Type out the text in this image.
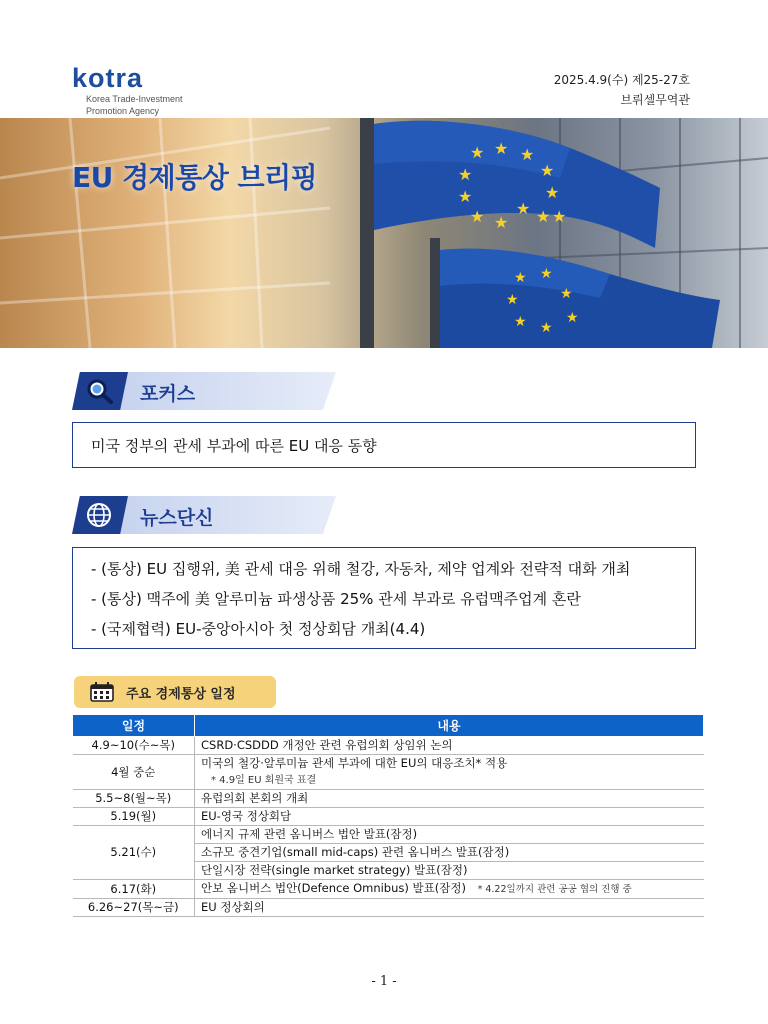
kotra
Korea Trade-Investment
Promotion Agency
2025.4.9(수) 제25-27호
브뤼셀무역관
★ ★ ★
★	★
★	★
★	★
★
★ ★
★ ★
★	★
★ ★
★
EU 경제통상 브리핑
포커스
미국 정부의 관세 부과에 따른 EU 대응 동향
뉴스단신
- (통상) EU 집행위, 美 관세 대응 위해 철강, 자동차, 제약 업계와 전략적 대화 개최
- (통상) 맥주에 美 알루미늄 파생상품 25% 관세 부과로 유럽맥주업계 혼란
- (국제협력) EU-중앙아시아 첫 정상회담 개최(4.4)
주요 경제통상 일정
일정	내용
4.9~10(수~목)	CSRD·CSDDD 개정안 관련 유럽의회 상임위 논의
4월 중순	미국의 철강·알루미늄 관세 부과에 대한 EU의 대응조치* 적용
* 4.9일 EU 회원국 표결

5.5~8(월~목)	유럽의회 본회의 개최
5.19(월)	EU-영국 정상회담
5.21(수)	에너지 규제 관련 옴니버스 법안 발표(잠정)
	소규모 중견기업(small mid-caps) 관련 옴니버스 발표(잠정)
	단일시장 전략(single market strategy) 발표(잠정)
6.17(화)	안보 옴니버스 법안(Defence Omnibus) 발표(잠정) * 4.22일까지 관련 공공 협의 진행 중
6.26~27(목~금)	EU 정상회의
- 1 -
